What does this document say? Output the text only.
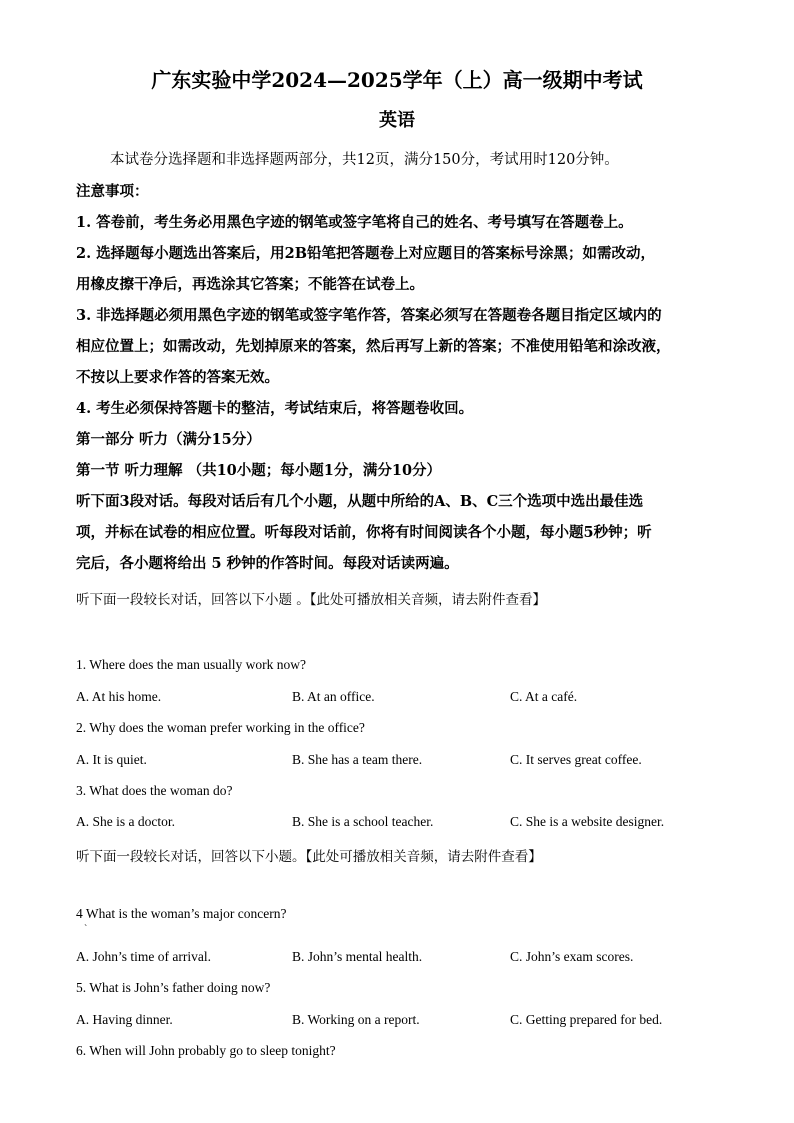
广东实验中学2024—2025学年（上）高一级期中考试
英语
本试卷分选择题和非选择题两部分，共12页，满分150分，考试用时120分钟。
注意事项：
1. 答卷前，考生务必用黑色字迹的钢笔或签字笔将自己的姓名、考号填写在答题卷上。
2. 选择题每小题选出答案后，用2B铅笔把答题卷上对应题目的答案标号涂黑；如需改动，
用橡皮擦干净后，再选涂其它答案；不能答在试卷上。
3. 非选择题必须用黑色字迹的钢笔或签字笔作答，答案必须写在答题卷各题目指定区域内的
相应位置上；如需改动，先划掉原来的答案，然后再写上新的答案；不准使用铅笔和涂改液，
不按以上要求作答的答案无效。
4. 考生必须保持答题卡的整洁，考试结束后，将答题卷收回。
第一部分 听力（满分15分）
第一节 听力理解 （共10小题；每小题1分，满分10分）
听下面3段对话。每段对话后有几个小题，从题中所给的A、B、C三个选项中选出最佳选
项，并标在试卷的相应位置。听每段对话前，你将有时间阅读各个小题，每小题5秒钟；听
完后，各小题将给出 5 秒钟的作答时间。每段对话读两遍。
听下面一段较长对话，回答以下小题 。【此处可播放相关音频，请去附件查看】
1. Where does the man usually work now?
A. At his home.	B. At an office.	C. At a café.
2. Why does the woman prefer working in the office?
A. It is quiet.	B. She has a team there.	C. It serves great coffee.
3. What does the woman do?
A. She is a doctor.	B. She is a school teacher.	C. She is a website designer.
听下面一段较长对话，回答以下小题。【此处可播放相关音频，请去附件查看】
4 What is the woman’s major concern?
`
A. John’s time of arrival.	B. John’s mental health.	C. John’s exam scores.
5. What is John’s father doing now?
A. Having dinner.	B. Working on a report.	C. Getting prepared for bed.
6. When will John probably go to sleep tonight?
